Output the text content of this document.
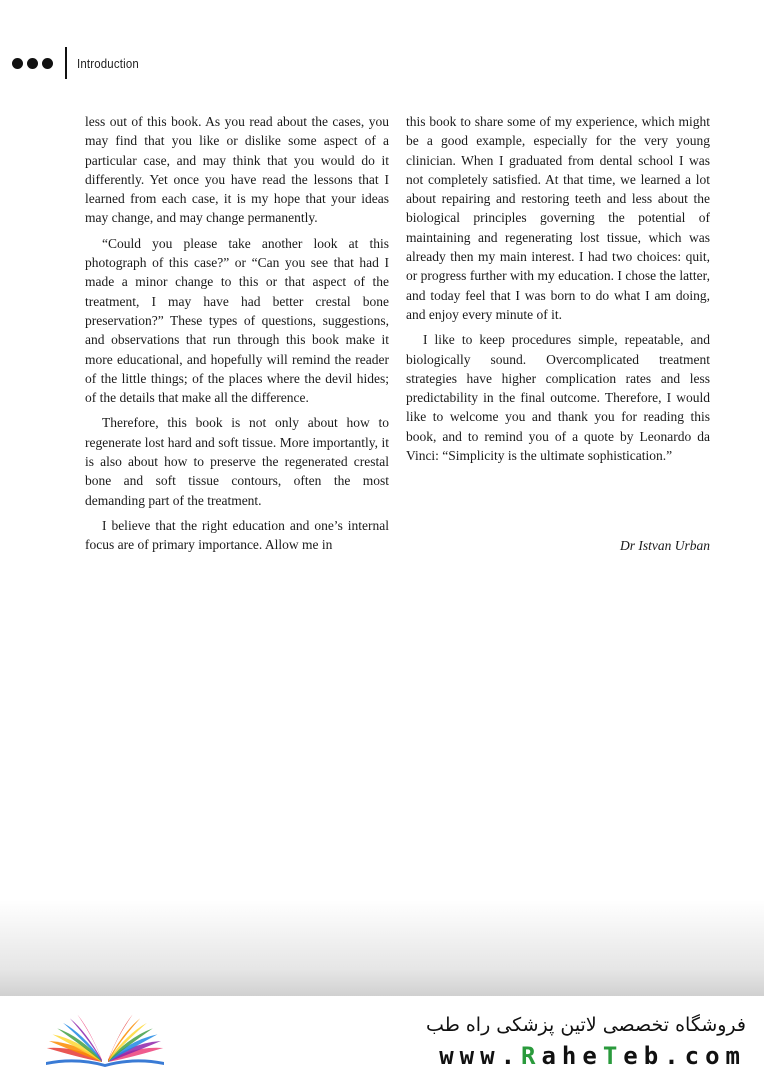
Introduction

less out of this book. As you read about the cases, you may find that you like or dislike some aspect of a particular case, and may think that you would do it differently. Yet once you have read the lessons that I learned from each case, it is my hope that your ideas may change, and may change permanently.

“Could you please take another look at this photograph of this case?” or “Can you see that had I made a minor change to this or that aspect of the treatment, I may have had better crestal bone preservation?” These types of questions, suggestions, and observations that run through this book make it more educational, and hopefully will remind the reader of the little things; of the places where the devil hides; of the details that make all the difference.

Therefore, this book is not only about how to regenerate lost hard and soft tissue. More importantly, it is also about how to preserve the regenerated crestal bone and soft tissue contours, often the most demanding part of the treatment.

I believe that the right education and one’s internal focus are of primary importance. Allow me in

this book to share some of my experience, which might be a good example, especially for the very young clinician. When I graduated from dental school I was not completely satisfied. At that time, we learned a lot about repairing and restoring teeth and less about the biological principles governing the potential of maintaining and regenerating lost tissue, which was already then my main interest. I had two choices: quit, or progress further with my education. I chose the latter, and today feel that I was born to do what I am doing, and enjoy every minute of it.

I like to keep procedures simple, repeatable, and biologically sound. Overcomplicated treatment strategies have higher complication rates and less predictability in the final outcome. Therefore, I would like to welcome you and thank you for reading this book, and to remind you of a quote by Leonardo da Vinci: “Simplicity is the ultimate sophistication.”

Dr Istvan Urban
فروشگاه تخصصی لاتین پزشکی راه طب
www.RaheTeb.com
